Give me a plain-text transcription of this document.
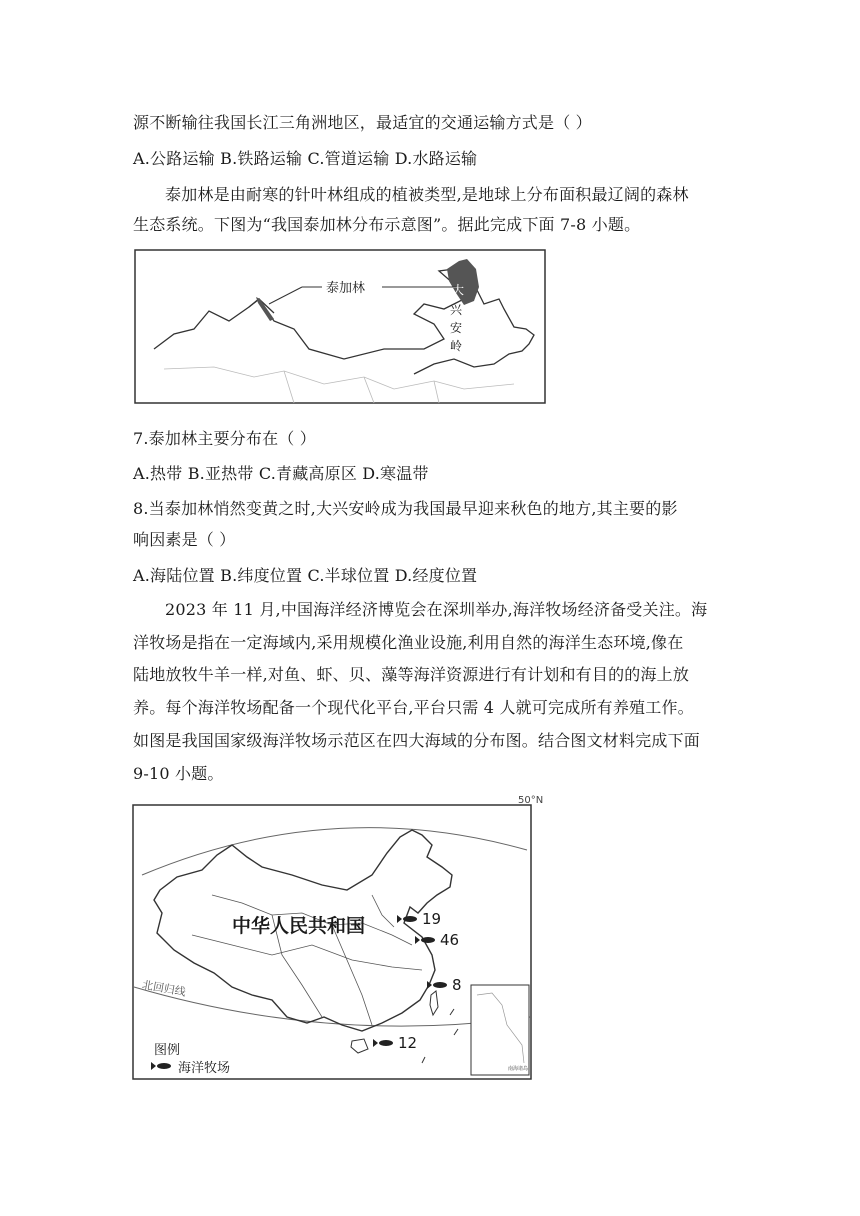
源不断输往我国长江三角洲地区，最适宜的交通运输方式是（ ）
A.公路运输 B.铁路运输 C.管道运输 D.水路运输
泰加林是由耐寒的针叶林组成的植被类型,是地球上分布面积最辽阔的森林
生态系统。下图为“我国泰加林分布示意图”。据此完成下面 7-8 小题。
泰加林	大
兴
安
岭
7.泰加林主要分布在（ ）
A.热带 B.亚热带 C.青藏高原区 D.寒温带
8.当泰加林悄然变黄之时,大兴安岭成为我国最早迎来秋色的地方,其主要的影
响因素是（ ）
A.海陆位置 B.纬度位置 C.半球位置 D.经度位置
2023 年 11 月,中国海洋经济博览会在深圳举办,海洋牧场经济备受关注。海
洋牧场是指在一定海域内,采用规模化渔业设施,利用自然的海洋生态环境,像在
陆地放牧牛羊一样,对鱼、虾、贝、藻等海洋资源进行有计划和有目的的海上放
养。每个海洋牧场配备一个现代化平台,平台只需 4 人就可完成所有养殖工作。
如图是我国国家级海洋牧场示范区在四大海域的分布图。结合图文材料完成下面
9-10 小题。
50°N
中华人民共和国
北回归线
19
46
8
12
图例
海洋牧场	南海诸岛
